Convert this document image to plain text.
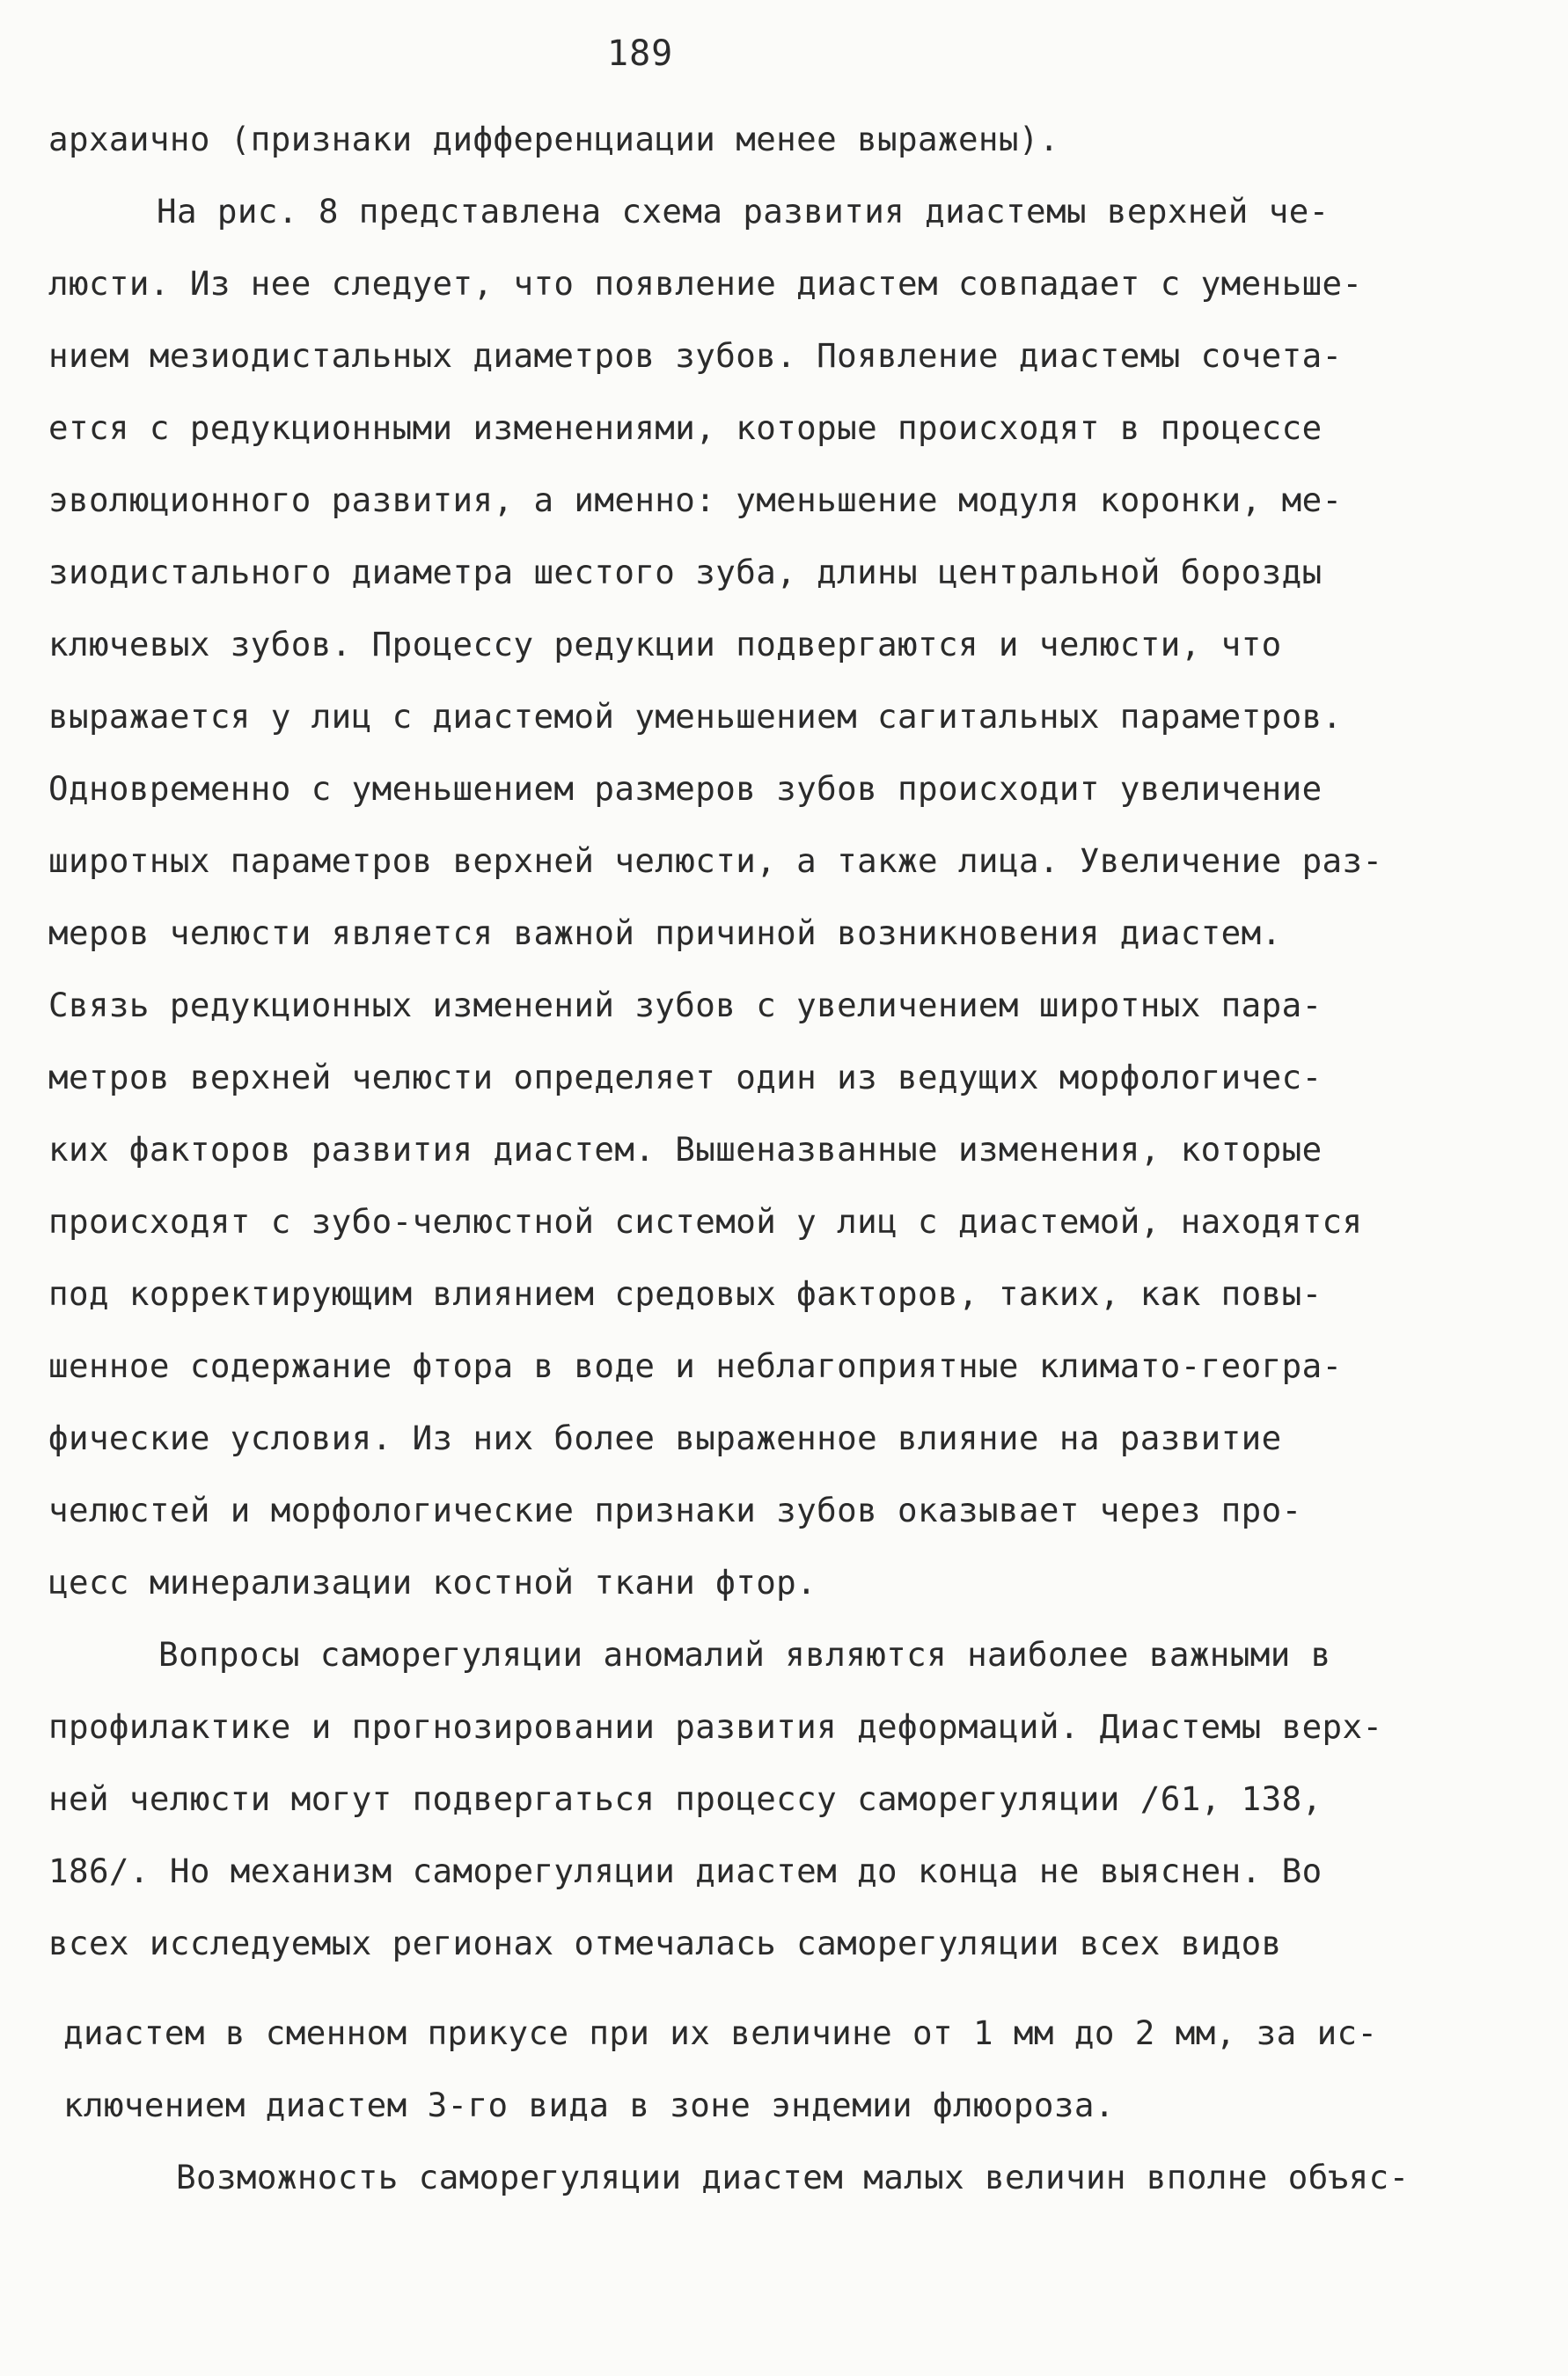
189
архаично (признаки дифференциации менее выражены).
На рис. 8 представлена схема развития диастемы верхней че-
люсти. Из нее следует, что появление диастем совпадает с уменьше-
нием мезиодистальных диаметров зубов. Появление диастемы сочета-
ется с редукционными изменениями, которые происходят в процессе
эволюционного развития, а именно: уменьшение модуля коронки, ме-
зиодистального диаметра шестого зуба, длины центральной борозды
ключевых зубов. Процессу редукции подвергаются и челюсти, что
выражается у лиц с диастемой уменьшением сагитальных параметров.
Одновременно с уменьшением размеров зубов происходит увеличение
широтных параметров верхней челюсти, а также лица. Увеличение раз-
меров челюсти является важной причиной возникновения диастем.
Связь редукционных изменений зубов с увеличением широтных пара-
метров верхней челюсти определяет один из ведущих морфологичес-
ких факторов развития диастем. Вышеназванные изменения, которые
происходят с зубо-челюстной системой у лиц с диастемой, находятся
под корректирующим влиянием средовых факторов, таких, как повы-
шенное содержание фтора в воде и неблагоприятные климато-геогра-
фические условия. Из них более выраженное влияние на развитие
челюстей и морфологические признаки зубов оказывает через про-
цесс минерализации костной ткани фтор.
Вопросы саморегуляции аномалий являются наиболее важными в
профилактике и прогнозировании развития деформаций. Диастемы верх-
ней челюсти могут подвергаться процессу саморегуляции /61, 138,
186/. Но механизм саморегуляции диастем до конца не выяснен. Во
всех исследуемых регионах отмечалась саморегуляции всех видов
диастем в сменном прикусе при их величине от 1 мм до 2 мм, за ис-
ключением диастем 3-го вида в зоне эндемии флюороза.
Возможность саморегуляции диастем малых величин вполне объяс-
